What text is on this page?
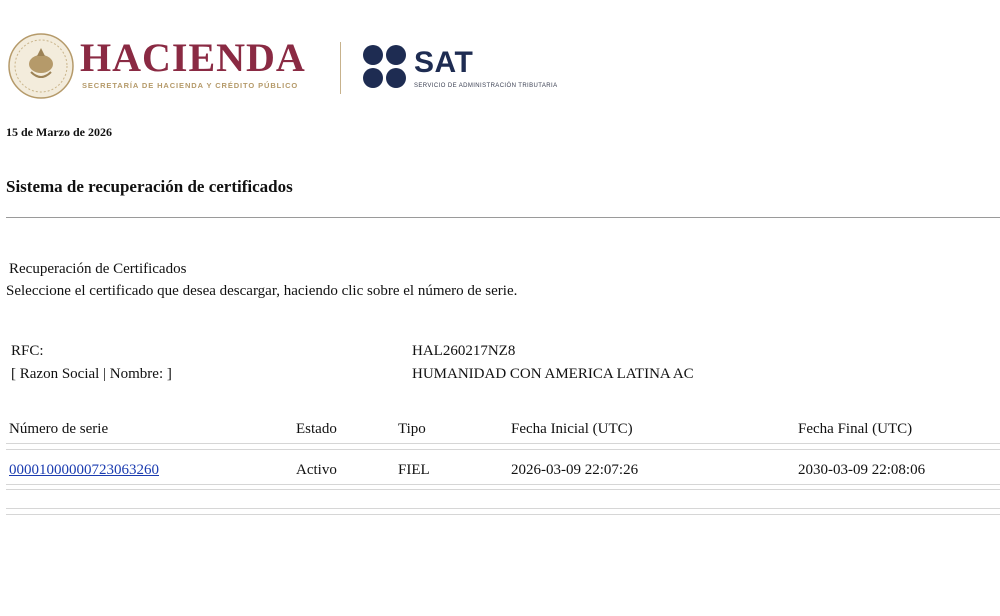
HACIENDA
SECRETARÍA DE HACIENDA Y CRÉDITO PÚBLICO
SAT
SERVICIO DE ADMINISTRACIÓN TRIBUTARIA
15 de Marzo de 2026
Sistema de recuperación de certificados
Recuperación de Certificados
Seleccione el certificado que desea descargar, haciendo clic sobre el número de serie.
RFC:	HAL260217NZ8
[ Razon Social | Nombre: ]	HUMANIDAD CON AMERICA LATINA AC
Número de serie	Estado	Tipo	Fecha Inicial (UTC)	Fecha Final (UTC)
00001000000723063260	Activo	FIEL	2026-03-09 22:07:26	2030-03-09 22:08:06
